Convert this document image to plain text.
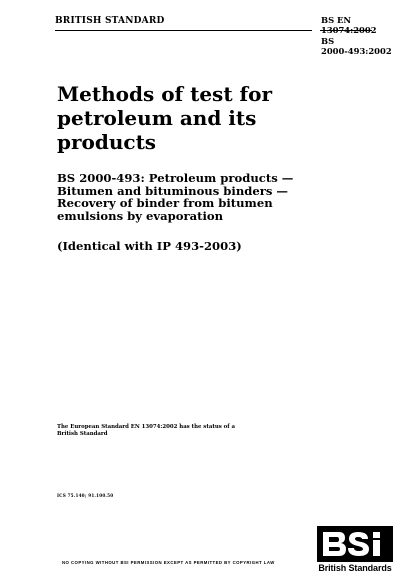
BRITISH STANDARD	BS EN
13074:2002
BS
2000-493:2002
Methods of test for
petroleum and its
products
BS 2000-493: Petroleum products —
Bitumen and bituminous binders —
Recovery of binder from bitumen
emulsions by evaporation
(Identical with IP 493-2003)
The European Standard EN 13074:2002 has the status of a
British Standard
ICS 75.140; 91.100.50
NO COPYING WITHOUT BSI PERMISSION EXCEPT AS PERMITTED BY COPYRIGHT LAW
British Standards
